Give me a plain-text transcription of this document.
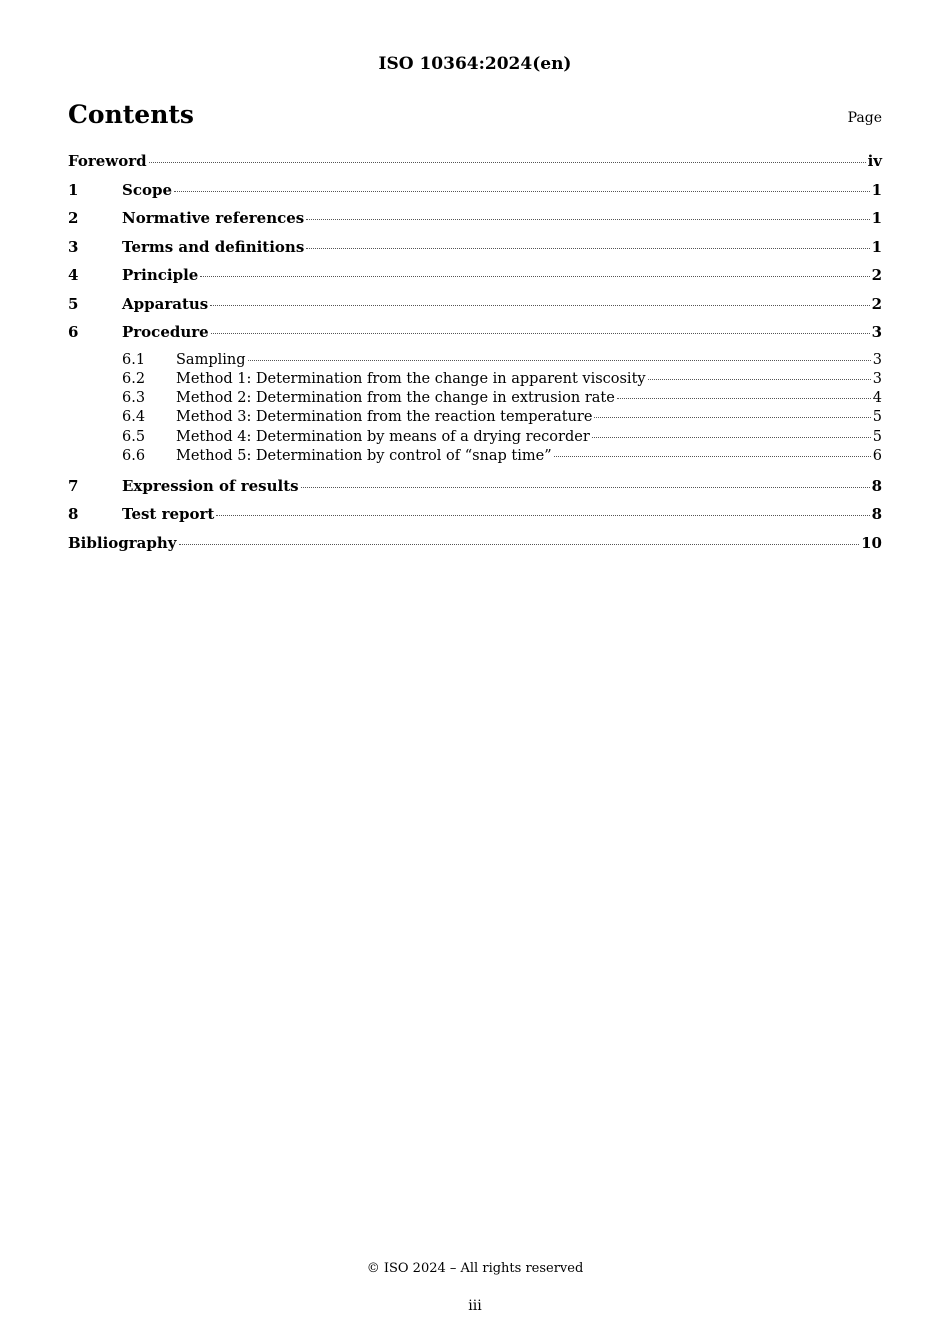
ISO 10364:2024(en)
Contents	Page
Foreword	iv
1	Scope	1
2	Normative references	1
3	Terms and definitions	1
4	Principle	2
5	Apparatus	2
6	Procedure	3
6.1	Sampling	3
6.2	Method 1: Determination from the change in apparent viscosity	3
6.3	Method 2: Determination from the change in extrusion rate	4
6.4	Method 3: Determination from the reaction temperature	5
6.5	Method 4: Determination by means of a drying recorder	5
6.6	Method 5: Determination by control of “snap time”	6
7	Expression of results	8
8	Test report	8
Bibliography	10
© ISO 2024 – All rights reserved
iii
